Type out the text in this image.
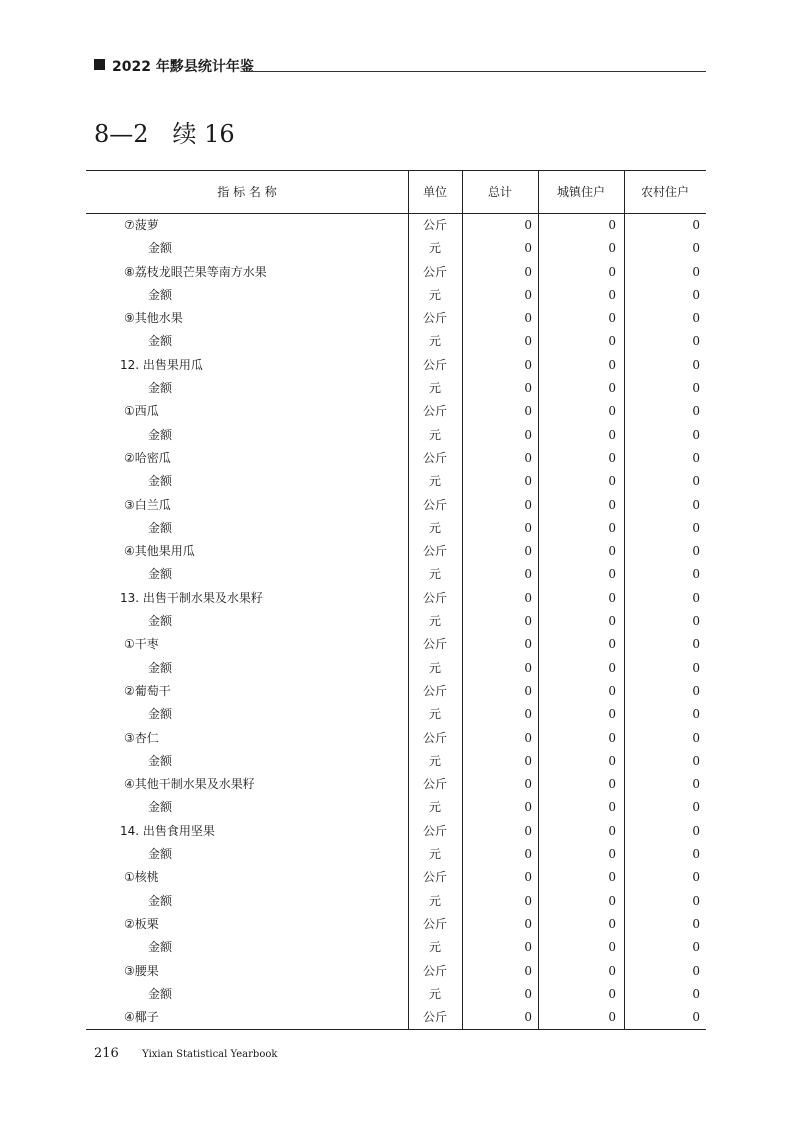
2022 年黟县统计年鉴
8—2　续 16
指 标 名 称	单位	总计	城镇住户	农村住户
⑦菠萝	公斤	0	0	0
金额	元	0	0	0
⑧荔枝龙眼芒果等南方水果	公斤	0	0	0
金额	元	0	0	0
⑨其他水果	公斤	0	0	0
金额	元	0	0	0
12. 出售果用瓜	公斤	0	0	0
金额	元	0	0	0
①西瓜	公斤	0	0	0
金额	元	0	0	0
②哈密瓜	公斤	0	0	0
金额	元	0	0	0
③白兰瓜	公斤	0	0	0
金额	元	0	0	0
④其他果用瓜	公斤	0	0	0
金额	元	0	0	0
13. 出售干制水果及水果籽	公斤	0	0	0
金额	元	0	0	0
①干枣	公斤	0	0	0
金额	元	0	0	0
②葡萄干	公斤	0	0	0
金额	元	0	0	0
③杏仁	公斤	0	0	0
金额	元	0	0	0
④其他干制水果及水果籽	公斤	0	0	0
金额	元	0	0	0
14. 出售食用坚果	公斤	0	0	0
金额	元	0	0	0
①核桃	公斤	0	0	0
金额	元	0	0	0
②板栗	公斤	0	0	0
金额	元	0	0	0
③腰果	公斤	0	0	0
金额	元	0	0	0
④椰子	公斤	0	0	0
216 Yixian Statistical Yearbook
